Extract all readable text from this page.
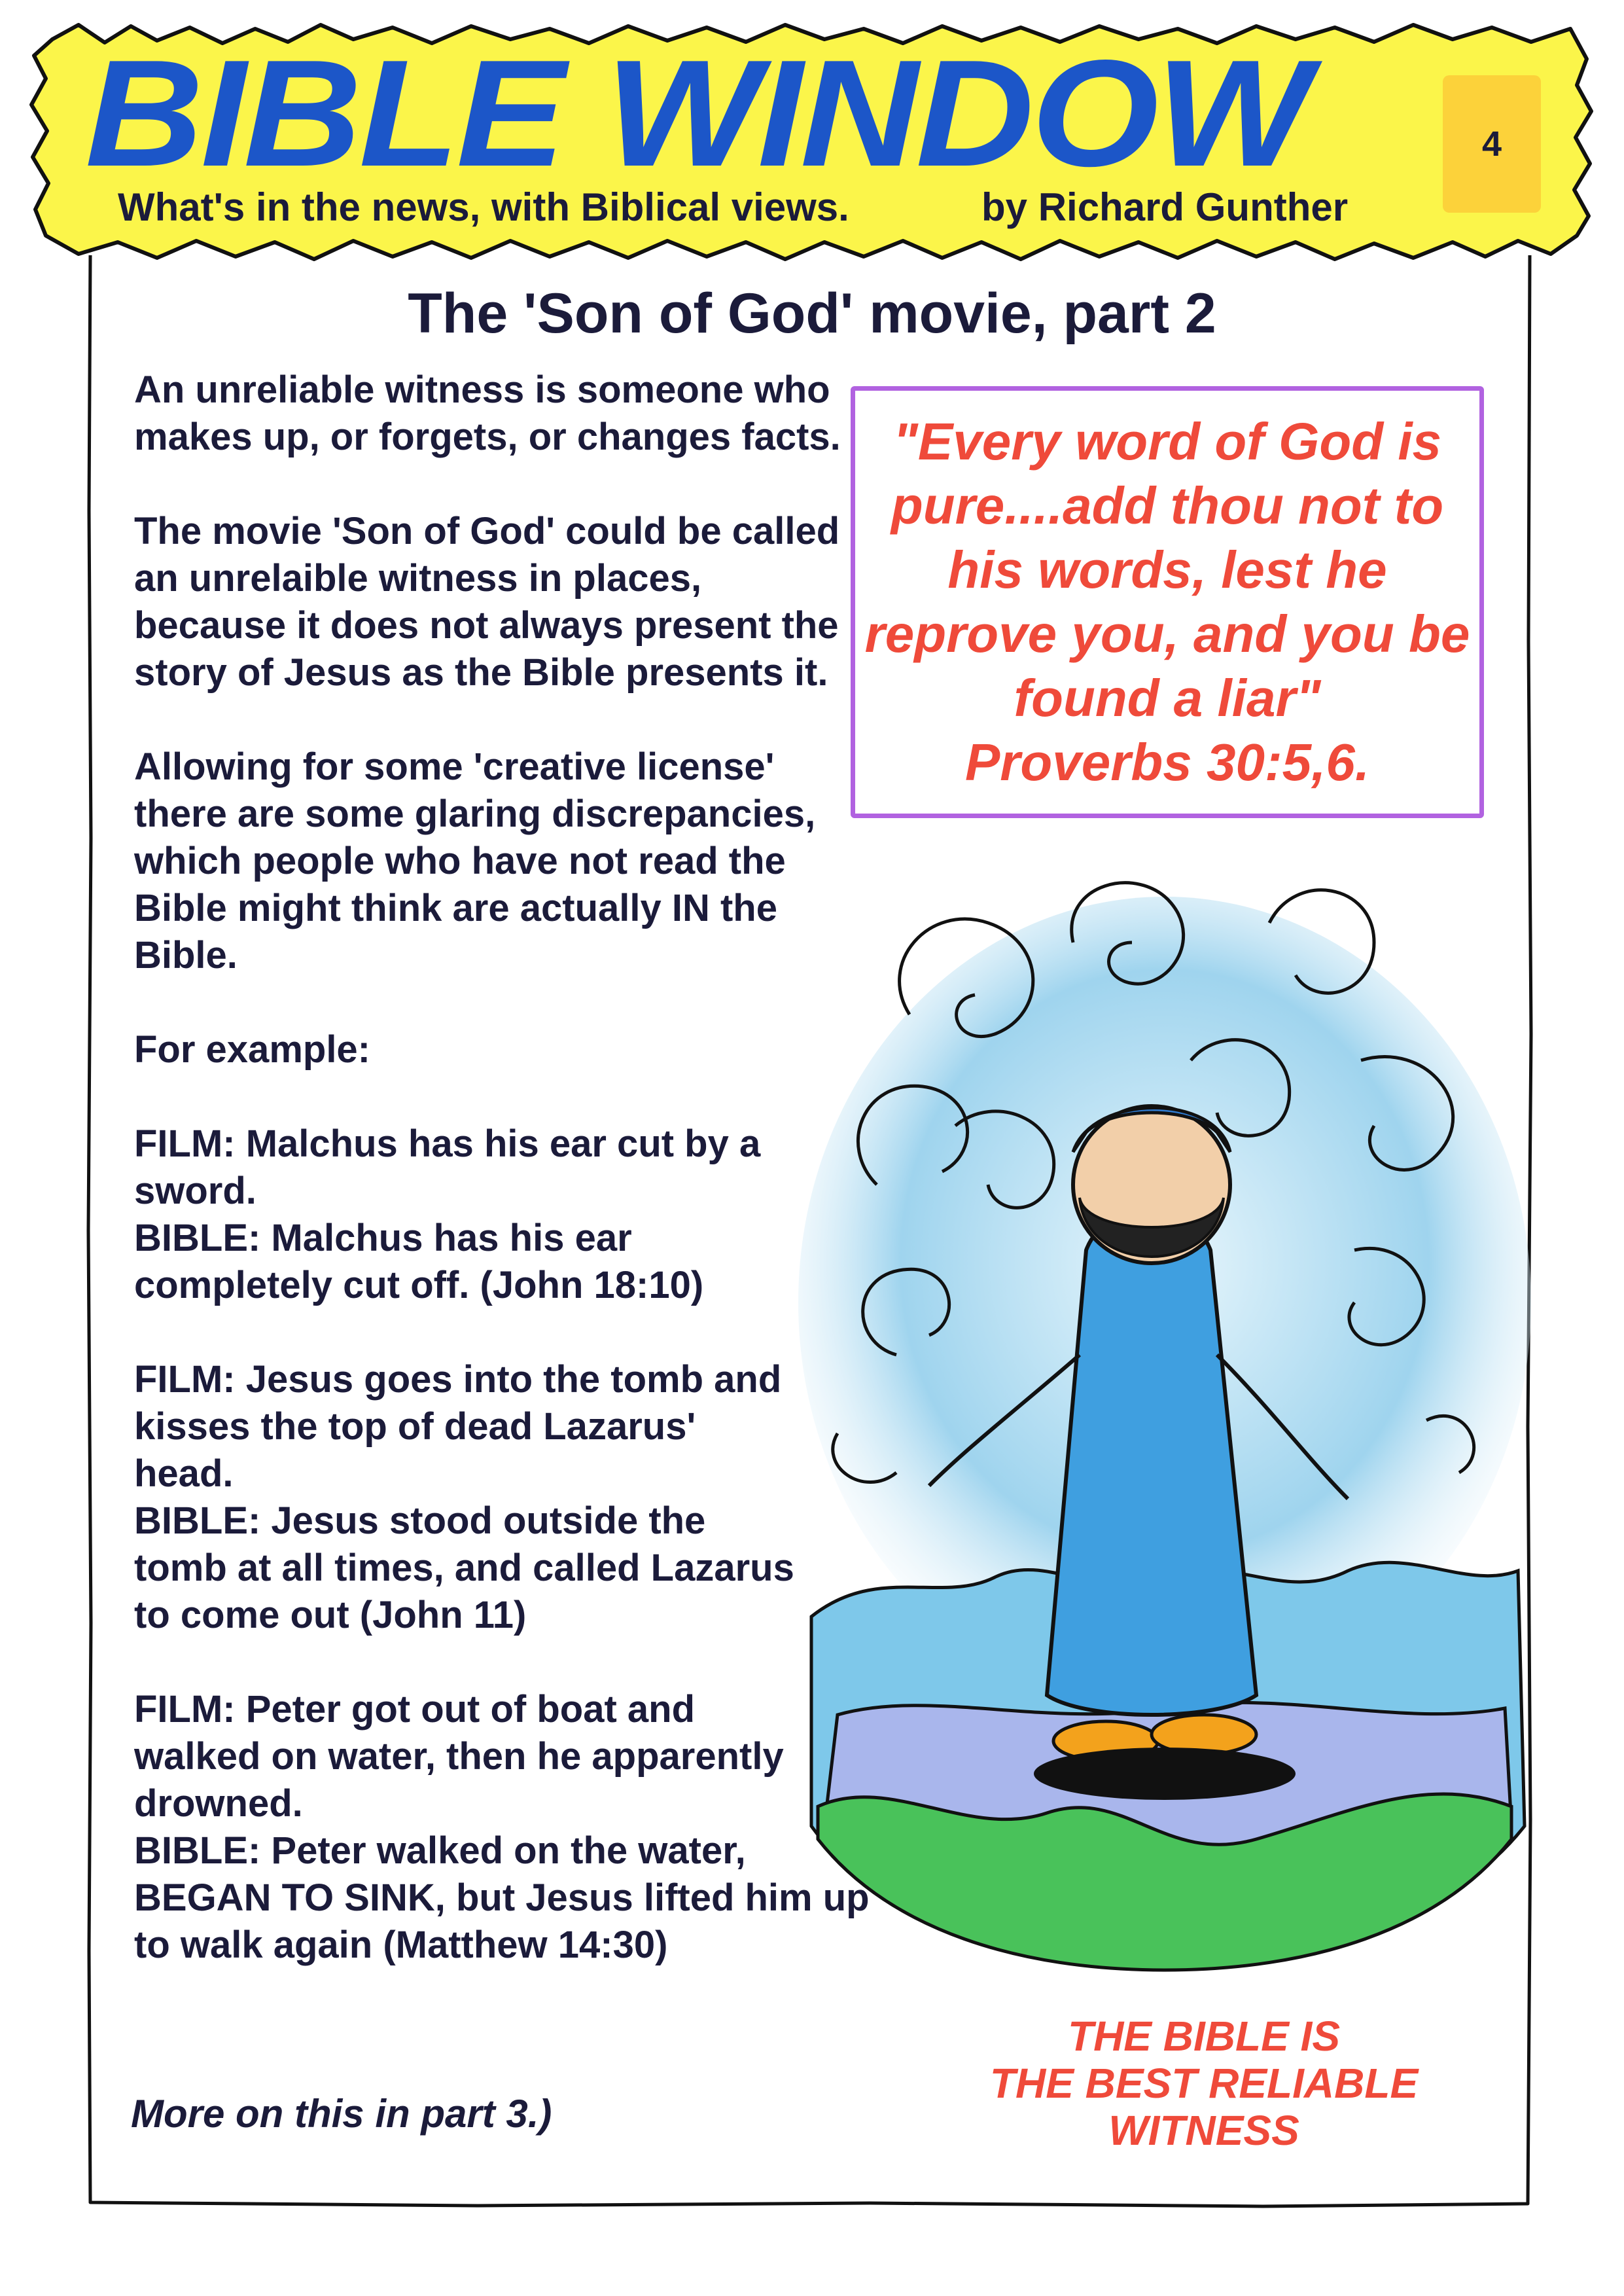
BIBLE WINDOW
What's in the news, with Biblical views.	by Richard Gunther
4
The 'Son of God' movie, part 2

An unreliable witness is someone who makes up, or forgets, or changes facts.

The movie 'Son of God' could be called an unrelaible witness in places, because it does not always present the story of Jesus as the Bible presents it.

Allowing for some 'creative license' there are some glaring discrepancies, which people who have not read the Bible might think are actually IN the Bible.

For example:

FILM: Malchus has his ear cut by a sword.

BIBLE: Malchus has his ear completely cut off. (John 18:10)

FILM: Jesus goes into the tomb and kisses the top of dead Lazarus' head.

BIBLE: Jesus stood outside the tomb at all times, and called Lazarus to come out (John 11)

FILM: Peter got out of boat and walked on water, then he apparently drowned.

BIBLE: Peter walked on the water, BEGAN TO SINK, but Jesus lifted him up to walk again (Matthew 14:30)

More on this in part 3.)
"Every word of God is pure....add thou not to his words, lest he reprove you, and you be found a liar"
Proverbs 30:5,6.
THE BIBLE IS
THE BEST RELIABLE
WITNESS
